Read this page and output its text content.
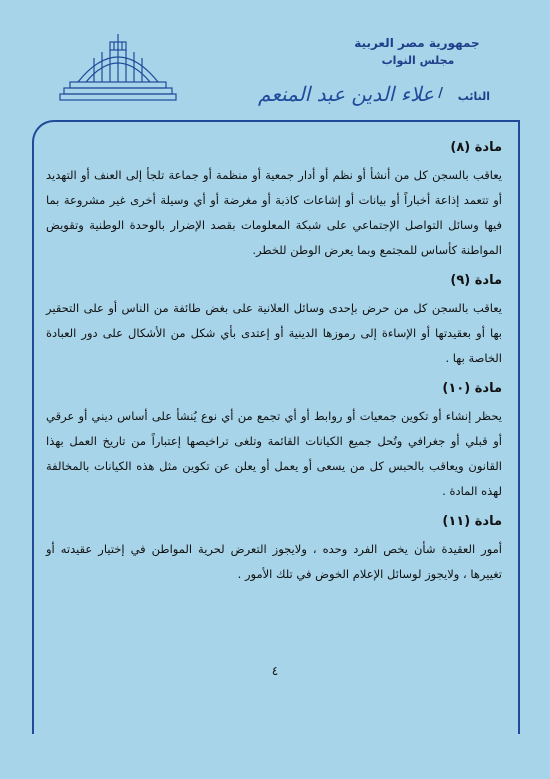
جمهورية مصر العربية
مجلس النواب
النائب
/
علاء الدين عبد المنعم
مادة (٨)
يعاقب بالسجن كل من أنشأ أو نظم أو أدار جمعية أو منظمة أو جماعة تلجأ إلى العنف أو التهديد أو تتعمد إذاعة أخباراً أو بيانات أو إشاعات كاذبة أو مغرضة أو أي وسيلة أخرى غير مشروعة بما فيها وسائل التواصل الإجتماعي على شبكة المعلومات بقصد الإضرار بالوحدة الوطنية وتقويض المواطنة كأساس للمجتمع وبما يعرض الوطن للخطر.
مادة (٩)
يعاقب بالسجن كل من حرض بإحدى وسائل العلانية على بغض طائفة من الناس أو على التحقير بها أو بعقيدتها أو الإساءة إلى رموزها الدينية أو إعتدى بأي شكل من الأشكال على دور العبادة الخاصة بها .
مادة (١٠)
يحظر إنشاء أو تكوين جمعيات أو روابط أو أي تجمع من أي نوع يُنشأ على أساس ديني أو عرقي أو قبلي أو جغرافي وتُحل جميع الكيانات القائمة وتلغى تراخيصها إعتباراً من تاريخ العمل بهذا القانون ويعاقب بالحبس كل من يسعى أو يعمل أو يعلن عن تكوين مثل هذه الكيانات بالمخالفة لهذه المادة .
مادة (١١)
أمور العقيدة شأن يخص الفرد وحده ، ولايجوز التعرض لحرية المواطن في إختيار عقيدته أو تغييرها ، ولايجوز لوسائل الإعلام الخوض في تلك الأمور .
٤
